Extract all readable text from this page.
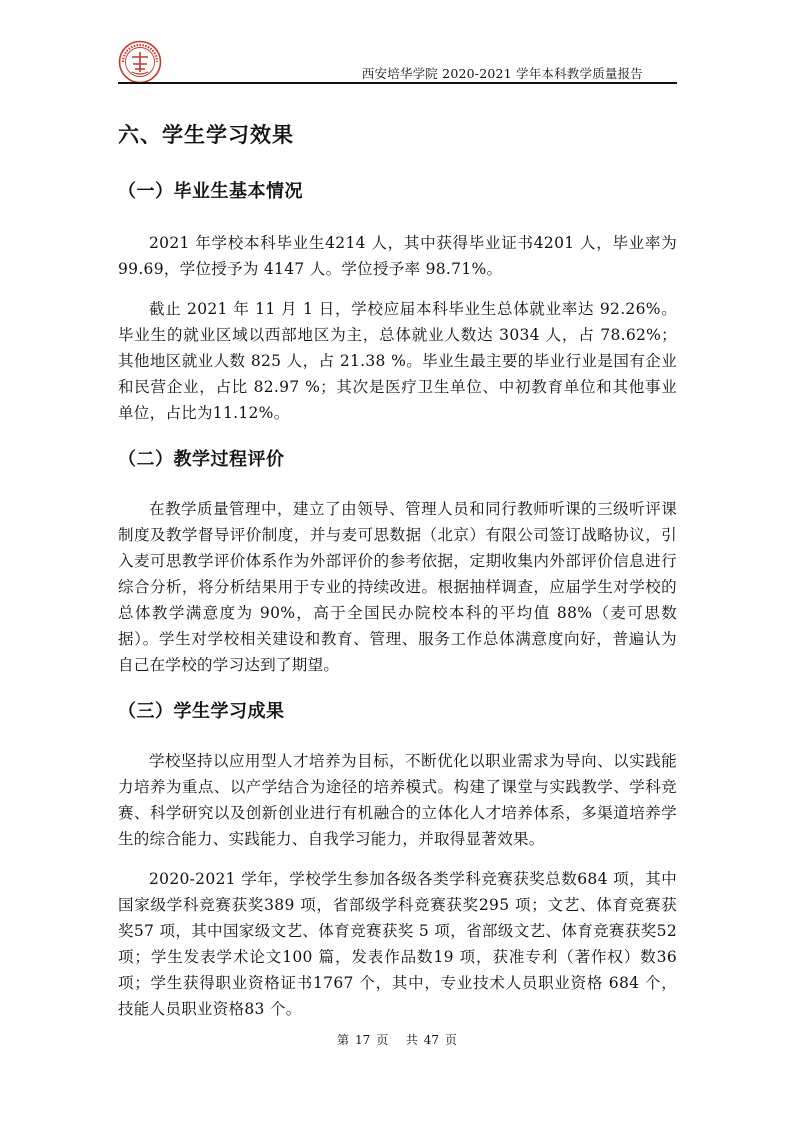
西安培华学院 2020-2021 学年本科教学质量报告
六、学生学习效果
（一）毕业生基本情况

2021 年学校本科毕业生4214 人，其中获得毕业证书4201 人，毕业率为99.69，学位授予为 4147 人。学位授予率 98.71%。

截止 2021 年 11 月 1 日，学校应届本科毕业生总体就业率达 92.26%。毕业生的就业区域以西部地区为主，总体就业人数达 3034 人，占 78.62%；其他地区就业人数 825 人，占 21.38 %。毕业生最主要的毕业行业是国有企业和民营企业，占比 82.97 %；其次是医疗卫生单位、中初教育单位和其他事业单位，占比为11.12%。

（二）教学过程评价

在教学质量管理中，建立了由领导、管理人员和同行教师听课的三级听评课制度及教学督导评价制度，并与麦可思数据（北京）有限公司签订战略协议，引入麦可思教学评价体系作为外部评价的参考依据，定期收集内外部评价信息进行综合分析，将分析结果用于专业的持续改进。根据抽样调查，应届学生对学校的总体教学满意度为 90%，高于全国民办院校本科的平均值 88%（麦可思数据）。学生对学校相关建设和教育、管理、服务工作总体满意度向好，普遍认为自己在学校的学习达到了期望。

（三）学生学习成果

学校坚持以应用型人才培养为目标，不断优化以职业需求为导向、以实践能力培养为重点、以产学结合为途径的培养模式。构建了课堂与实践教学、学科竞赛、科学研究以及创新创业进行有机融合的立体化人才培养体系，多渠道培养学生的综合能力、实践能力、自我学习能力，并取得显著效果。

2020-2021 学年，学校学生参加各级各类学科竞赛获奖总数684 项，其中国家级学科竞赛获奖389 项，省部级学科竞赛获奖295 项；文艺、体育竞赛获奖57 项，其中国家级文艺、体育竞赛获奖 5 项，省部级文艺、体育竞赛获奖52 项；学生发表学术论文100 篇，发表作品数19 项，获准专利（著作权）数36 项；学生获得职业资格证书1767 个，其中，专业技术人员职业资格 684 个，技能人员职业资格83 个。

第 17 页 共 47 页
